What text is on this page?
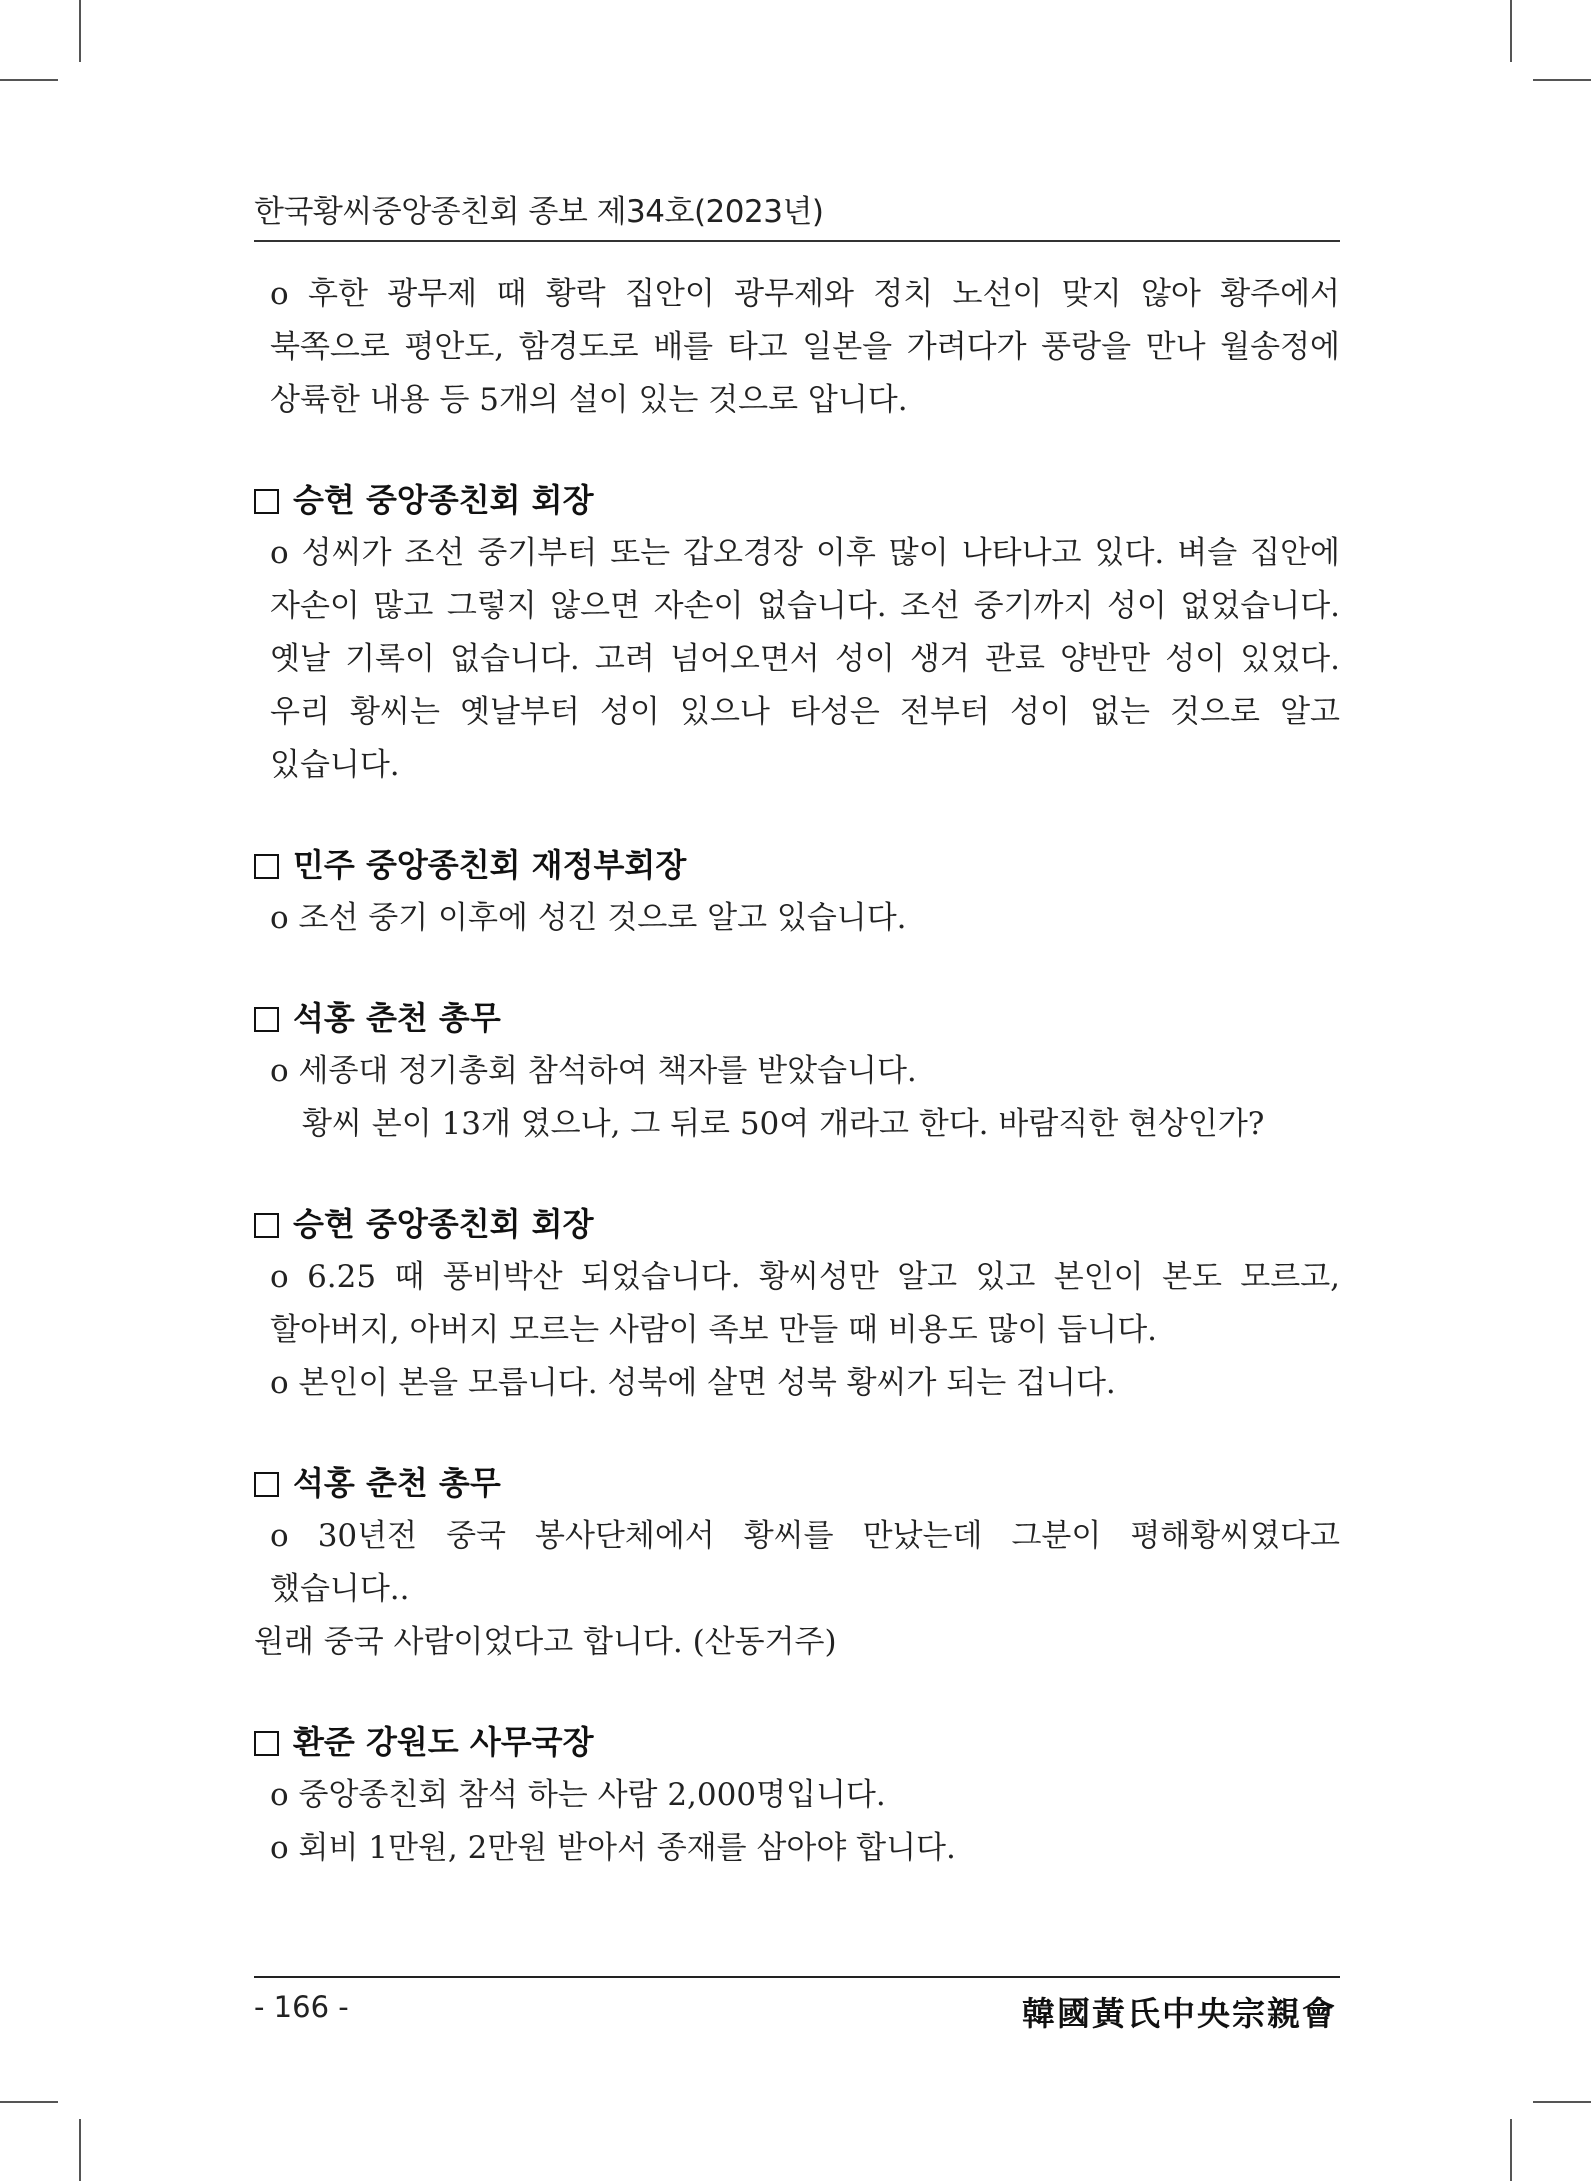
한국황씨중앙종친회 종보 제34호(2023년)

o 후한 광무제 때 황락 집안이 광무제와 정치 노선이 맞지 않아 황주에서 북쪽으로 평안도, 함경도로 배를 타고 일본을 가려다가 풍랑을 만나 월송정에 상륙한 내용 등 5개의 설이 있는 것으로 압니다.

승현 중앙종친회 회장

o 성씨가 조선 중기부터 또는 갑오경장 이후 많이 나타나고 있다. 벼슬 집안에 자손이 많고 그렇지 않으면 자손이 없습니다. 조선 중기까지 성이 없었습니다. 옛날 기록이 없습니다. 고려 넘어오면서 성이 생겨 관료 양반만 성이 있었다. 우리 황씨는 옛날부터 성이 있으나 타성은 전부터 성이 없는 것으로 알고 있습니다.

민주 중앙종친회 재정부회장

o 조선 중기 이후에 성긴 것으로 알고 있습니다.

석홍 춘천 총무

o 세종대 정기총회 참석하여 책자를 받았습니다.

황씨 본이 13개 였으나, 그 뒤로 50여 개라고 한다. 바람직한 현상인가?

승현 중앙종친회 회장

o 6.25 때 풍비박산 되었습니다. 황씨성만 알고 있고 본인이 본도 모르고, 할아버지, 아버지 모르는 사람이 족보 만들 때 비용도 많이 듭니다.

o 본인이 본을 모릅니다. 성북에 살면 성북 황씨가 되는 겁니다.

석홍 춘천 총무

o 30년전 중국 봉사단체에서 황씨를 만났는데 그분이 평해황씨였다고 했습니다..

원래 중국 사람이었다고 합니다. (산동거주)

환준 강원도 사무국장

o 중앙종친회 참석 하는 사람 2,000명입니다.

o 회비 1만원, 2만원 받아서 종재를 삼아야 합니다.

- 166 -	韓國黃氏中央宗親會
